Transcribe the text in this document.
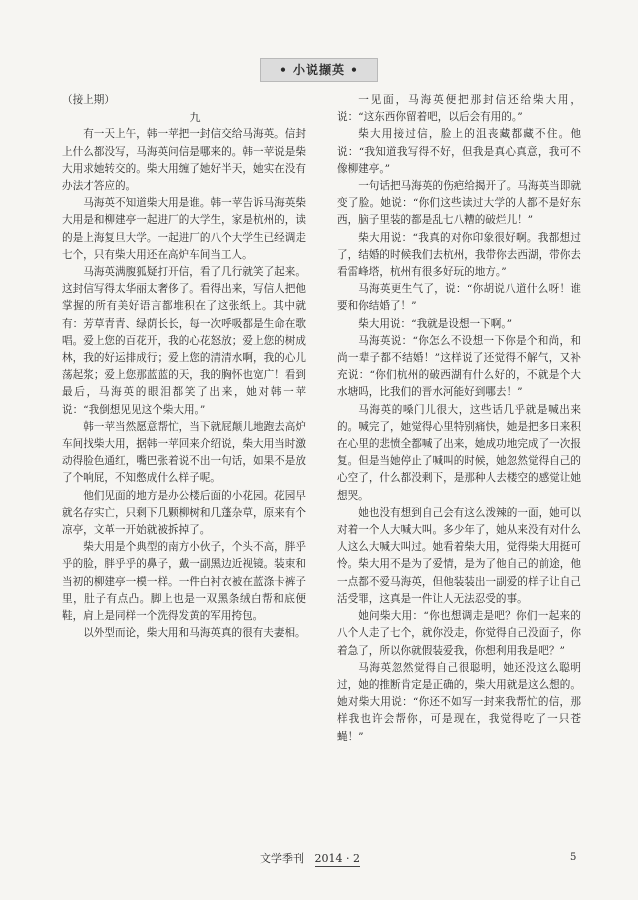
• 小说撷英 •
（接上期）

九

有一天上午，韩一苹把一封信交给马海英。信封上什么都没写，马海英问信是哪来的。韩一苹说是柴大用求她转交的。柴大用缠了她好半天，她实在没有办法才答应的。

马海英不知道柴大用是谁。韩一苹告诉马海英柴大用是和柳建亭一起进厂的大学生，家是杭州的，读的是上海复旦大学。一起进厂的八个大学生已经调走七个，只有柴大用还在高炉车间当工人。

马海英满腹狐疑打开信，看了几行就笑了起来。这封信写得太华丽太奢侈了。看得出来，写信人把他掌握的所有美好语言都堆积在了这张纸上。其中就有：芳草青青、绿荫长长，每一次呼吸都是生命在歌唱。爱上您的百花开，我的心花怒放；爱上您的树成林，我的好运排成行；爱上您的清清水啊，我的心儿荡起浆；爱上您那蓝蓝的天，我的胸怀也宽广！看到最后，马海英的眼泪都笑了出来，她对韩一苹说：“我倒想见见这个柴大用。”

韩一苹当然愿意帮忙，当下就屁颠儿地跑去高炉车间找柴大用，据韩一苹回来介绍说，柴大用当时激动得脸色通红，嘴巴张着说不出一句话，如果不是放了个响屁，不知憋成什么样子呢。

他们见面的地方是办公楼后面的小花园。花园早就名存实亡，只剩下几颗柳树和几蓬杂草，原来有个凉亭，文革一开始就被拆掉了。

柴大用是个典型的南方小伙子，个头不高，胖乎乎的脸，胖乎乎的鼻子，戴一副黑边近视镜。装束和当初的柳建亭一模一样。一件白衬衣被在蓝涤卡裤子里，肚子有点凸。脚上也是一双黑条绒白帮和底便鞋，肩上是同样一个洗得发黄的军用挎包。

以外型而论，柴大用和马海英真的很有夫妻相。

一见面，马海英便把那封信还给柴大用，说：“这东西你留着吧，以后会有用的。”

柴大用接过信，脸上的沮丧藏都藏不住。他说：“我知道我写得不好，但我是真心真意，我可不像柳建亭。”

一句话把马海英的伤疤给揭开了。马海英当即就变了脸。她说：“你们这些读过大学的人都不是好东西，脑子里装的都是乱七八糟的破烂儿！”

柴大用说：“我真的对你印象很好啊。我都想过了，结婚的时候我们去杭州，我带你去西湖，带你去看雷峰塔，杭州有很多好玩的地方。”

马海英更生气了，说：“你胡说八道什么呀！谁要和你结婚了！”

柴大用说：“我就是设想一下啊。”

马海英说：“你怎么不设想一下你是个和尚，和尚一辈子都不结婚！”这样说了还觉得不解气，又补充说：“你们杭州的破西湖有什么好的，不就是个大水塘吗，比我们的晋水河能好到哪去！”

马海英的嗓门儿很大，这些话几乎就是喊出来的。喊完了，她觉得心里特别痛快，她是把多日来积在心里的悲愤全都喊了出来，她成功地完成了一次报复。但是当她停止了喊叫的时候，她忽然觉得自己的心空了，什么都没剩下，是那种人去楼空的感觉让她想哭。

她也没有想到自己会有这么泼辣的一面，她可以对着一个人大喊大叫。多少年了，她从来没有对什么人这么大喊大叫过。她看着柴大用，觉得柴大用挺可怜。柴大用不是为了爱情，是为了他自己的前途，他一点都不爱马海英，但他装装出一副爱的样子让自己活受罪，这真是一件让人无法忍受的事。

她问柴大用：“你也想调走是吧？你们一起来的八个人走了七个，就你没走，你觉得自己没面子，你着急了，所以你就假装爱我，你想利用我是吧？”

马海英忽然觉得自己很聪明，她还没这么聪明过，她的推断肯定是正确的，柴大用就是这么想的。她对柴大用说：“你还不如写一封来我帮忙的信，那样我也许会帮你，可是现在，我觉得吃了一只苍蝇！”

文学季刊 2014 · 2	5
